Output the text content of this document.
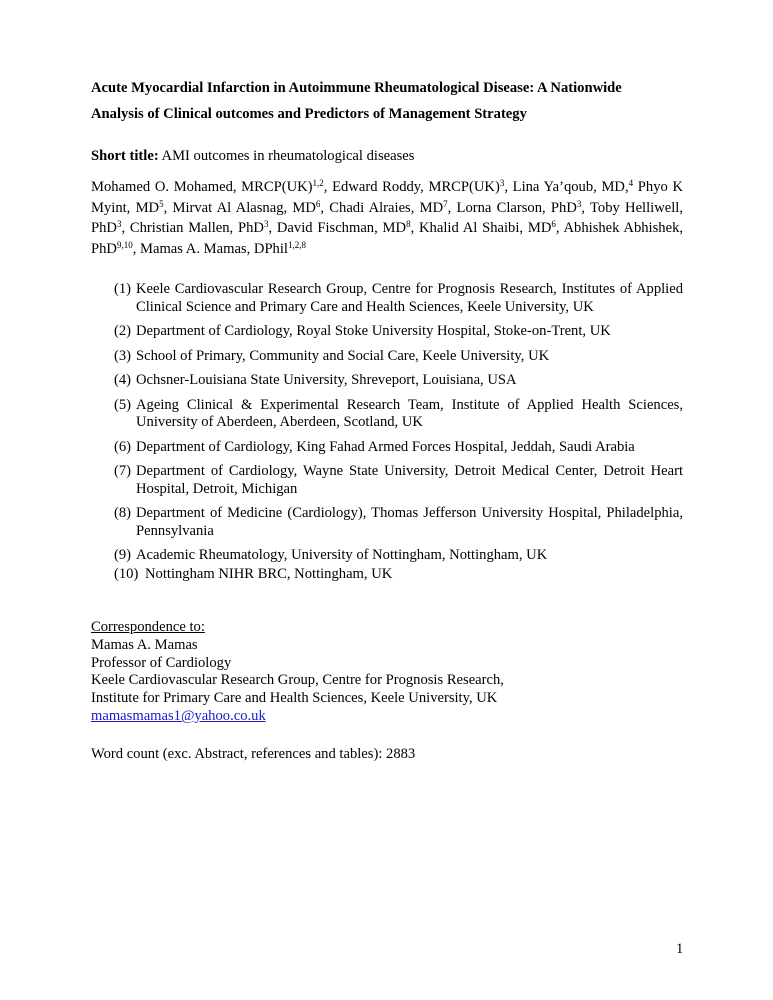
Acute Myocardial Infarction in Autoimmune Rheumatological Disease: A Nationwide
Analysis of Clinical outcomes and Predictors of Management Strategy
Short title: AMI outcomes in rheumatological diseases
Mohamed O. Mohamed, MRCP(UK)$^{1,2}$, Edward Roddy, MRCP(UK)$^3$, Lina Ya’qoub, MD,$^4$ Phyo K Myint, $MD^5$, Mirvat Al Alasnag, $MD^6$, Chadi Alraies, $MD^7$, Lorna Clarson, PhD$^3$, Toby Helliwell, PhD$^3$, Christian Mallen, PhD$^3$, David Fischman, $MD^8$, Khalid Al Shaibi, $MD^6$, Abhishek Abhishek, PhD$^{9,10}$, Mamas A. Mamas, DPhil$^{1,2,8}$
(1) Keele Cardiovascular Research Group, Centre for Prognosis Research, Institutes of Applied Clinical Science and Primary Care and Health Sciences, Keele University, UK
(2) Department of Cardiology, Royal Stoke University Hospital, Stoke-on-Trent, UK
(3) School of Primary, Community and Social Care, Keele University, UK
(4) Ochsner-Louisiana State University, Shreveport, Louisiana, USA
(5) Ageing Clinical & Experimental Research Team, Institute of Applied Health Sciences, University of Aberdeen, Aberdeen, Scotland, UK
(6) Department of Cardiology, King Fahad Armed Forces Hospital, Jeddah, Saudi Arabia
(7) Department of Cardiology, Wayne State University, Detroit Medical Center, Detroit Heart Hospital, Detroit, Michigan
(8) Department of Medicine (Cardiology), Thomas Jefferson University Hospital, Philadelphia, Pennsylvania
(9) Academic Rheumatology, University of Nottingham, Nottingham, UK
(10) Nottingham NIHR BRC, Nottingham, UK
Correspondence to:
Mamas A. Mamas
Professor of Cardiology
Keele Cardiovascular Research Group, Centre for Prognosis Research,
Institute for Primary Care and Health Sciences, Keele University, UK
mamasmamas1@yahoo.co.uk
Word count (exc. Abstract, references and tables): 2883
1
